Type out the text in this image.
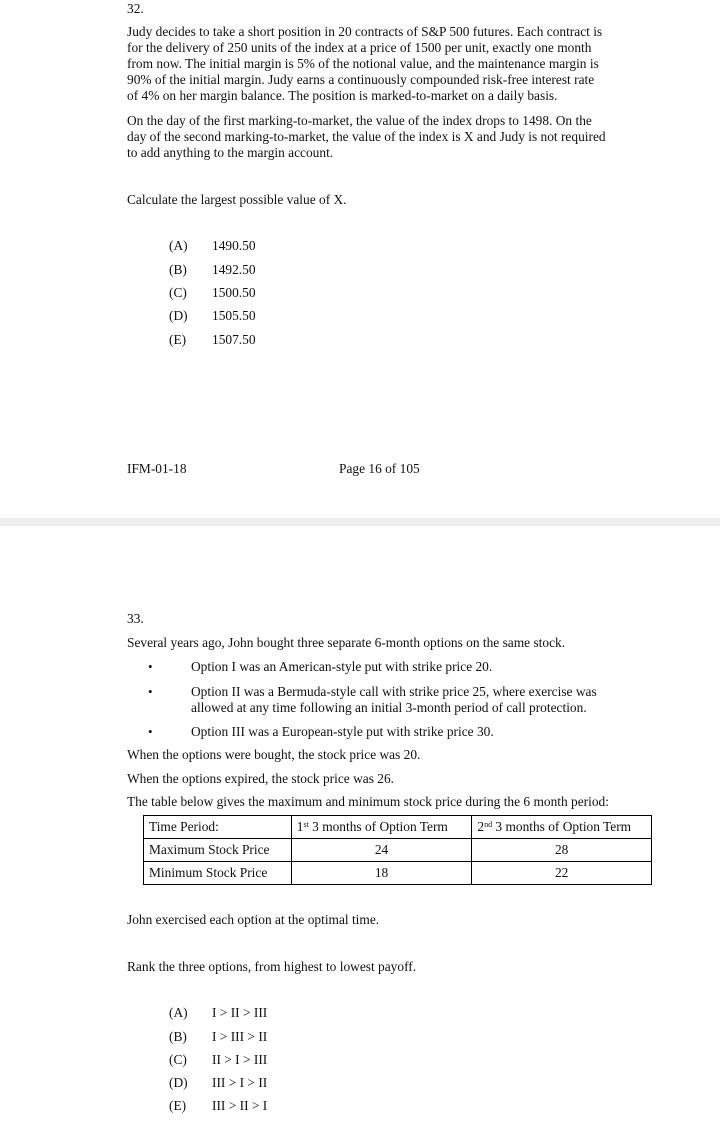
32.
Judy decides to take a short position in 20 contracts of S&P 500 futures. Each contract is
for the delivery of 250 units of the index at a price of 1500 per unit, exactly one month
from now. The initial margin is 5% of the notional value, and the maintenance margin is
90% of the initial margin. Judy earns a continuously compounded risk-free interest rate
of 4% on her margin balance. The position is marked-to-market on a daily basis.
On the day of the first marking-to-market, the value of the index drops to 1498. On the
day of the second marking-to-market, the value of the index is X and Judy is not required
to add anything to the margin account.
Calculate the largest possible value of X.
(A) 1490.50
(B) 1492.50
(C) 1500.50
(D) 1505.50
(E) 1507.50
IFM-01-18	Page 16 of 105
33.
Several years ago, John bought three separate 6-month options on the same stock.
•	Option I was an American-style put with strike price 20.
•	Option II was a Bermuda-style call with strike price 25, where exercise was
allowed at any time following an initial 3-month period of call protection.
•	Option III was a European-style put with strike price 30.
When the options were bought, the stock price was 20.
When the options expired, the stock price was 26.
The table below gives the maximum and minimum stock price during the 6 month period:
Time Period:	1st 3 months of Option Term	2nd 3 months of Option Term
Maximum Stock Price	24	28
Minimum Stock Price	18	22
John exercised each option at the optimal time.
Rank the three options, from highest to lowest payoff.
(A) I > II > III
(B) I > III > II
(C) II > I > III
(D) III > I > II
(E) III > II > I
